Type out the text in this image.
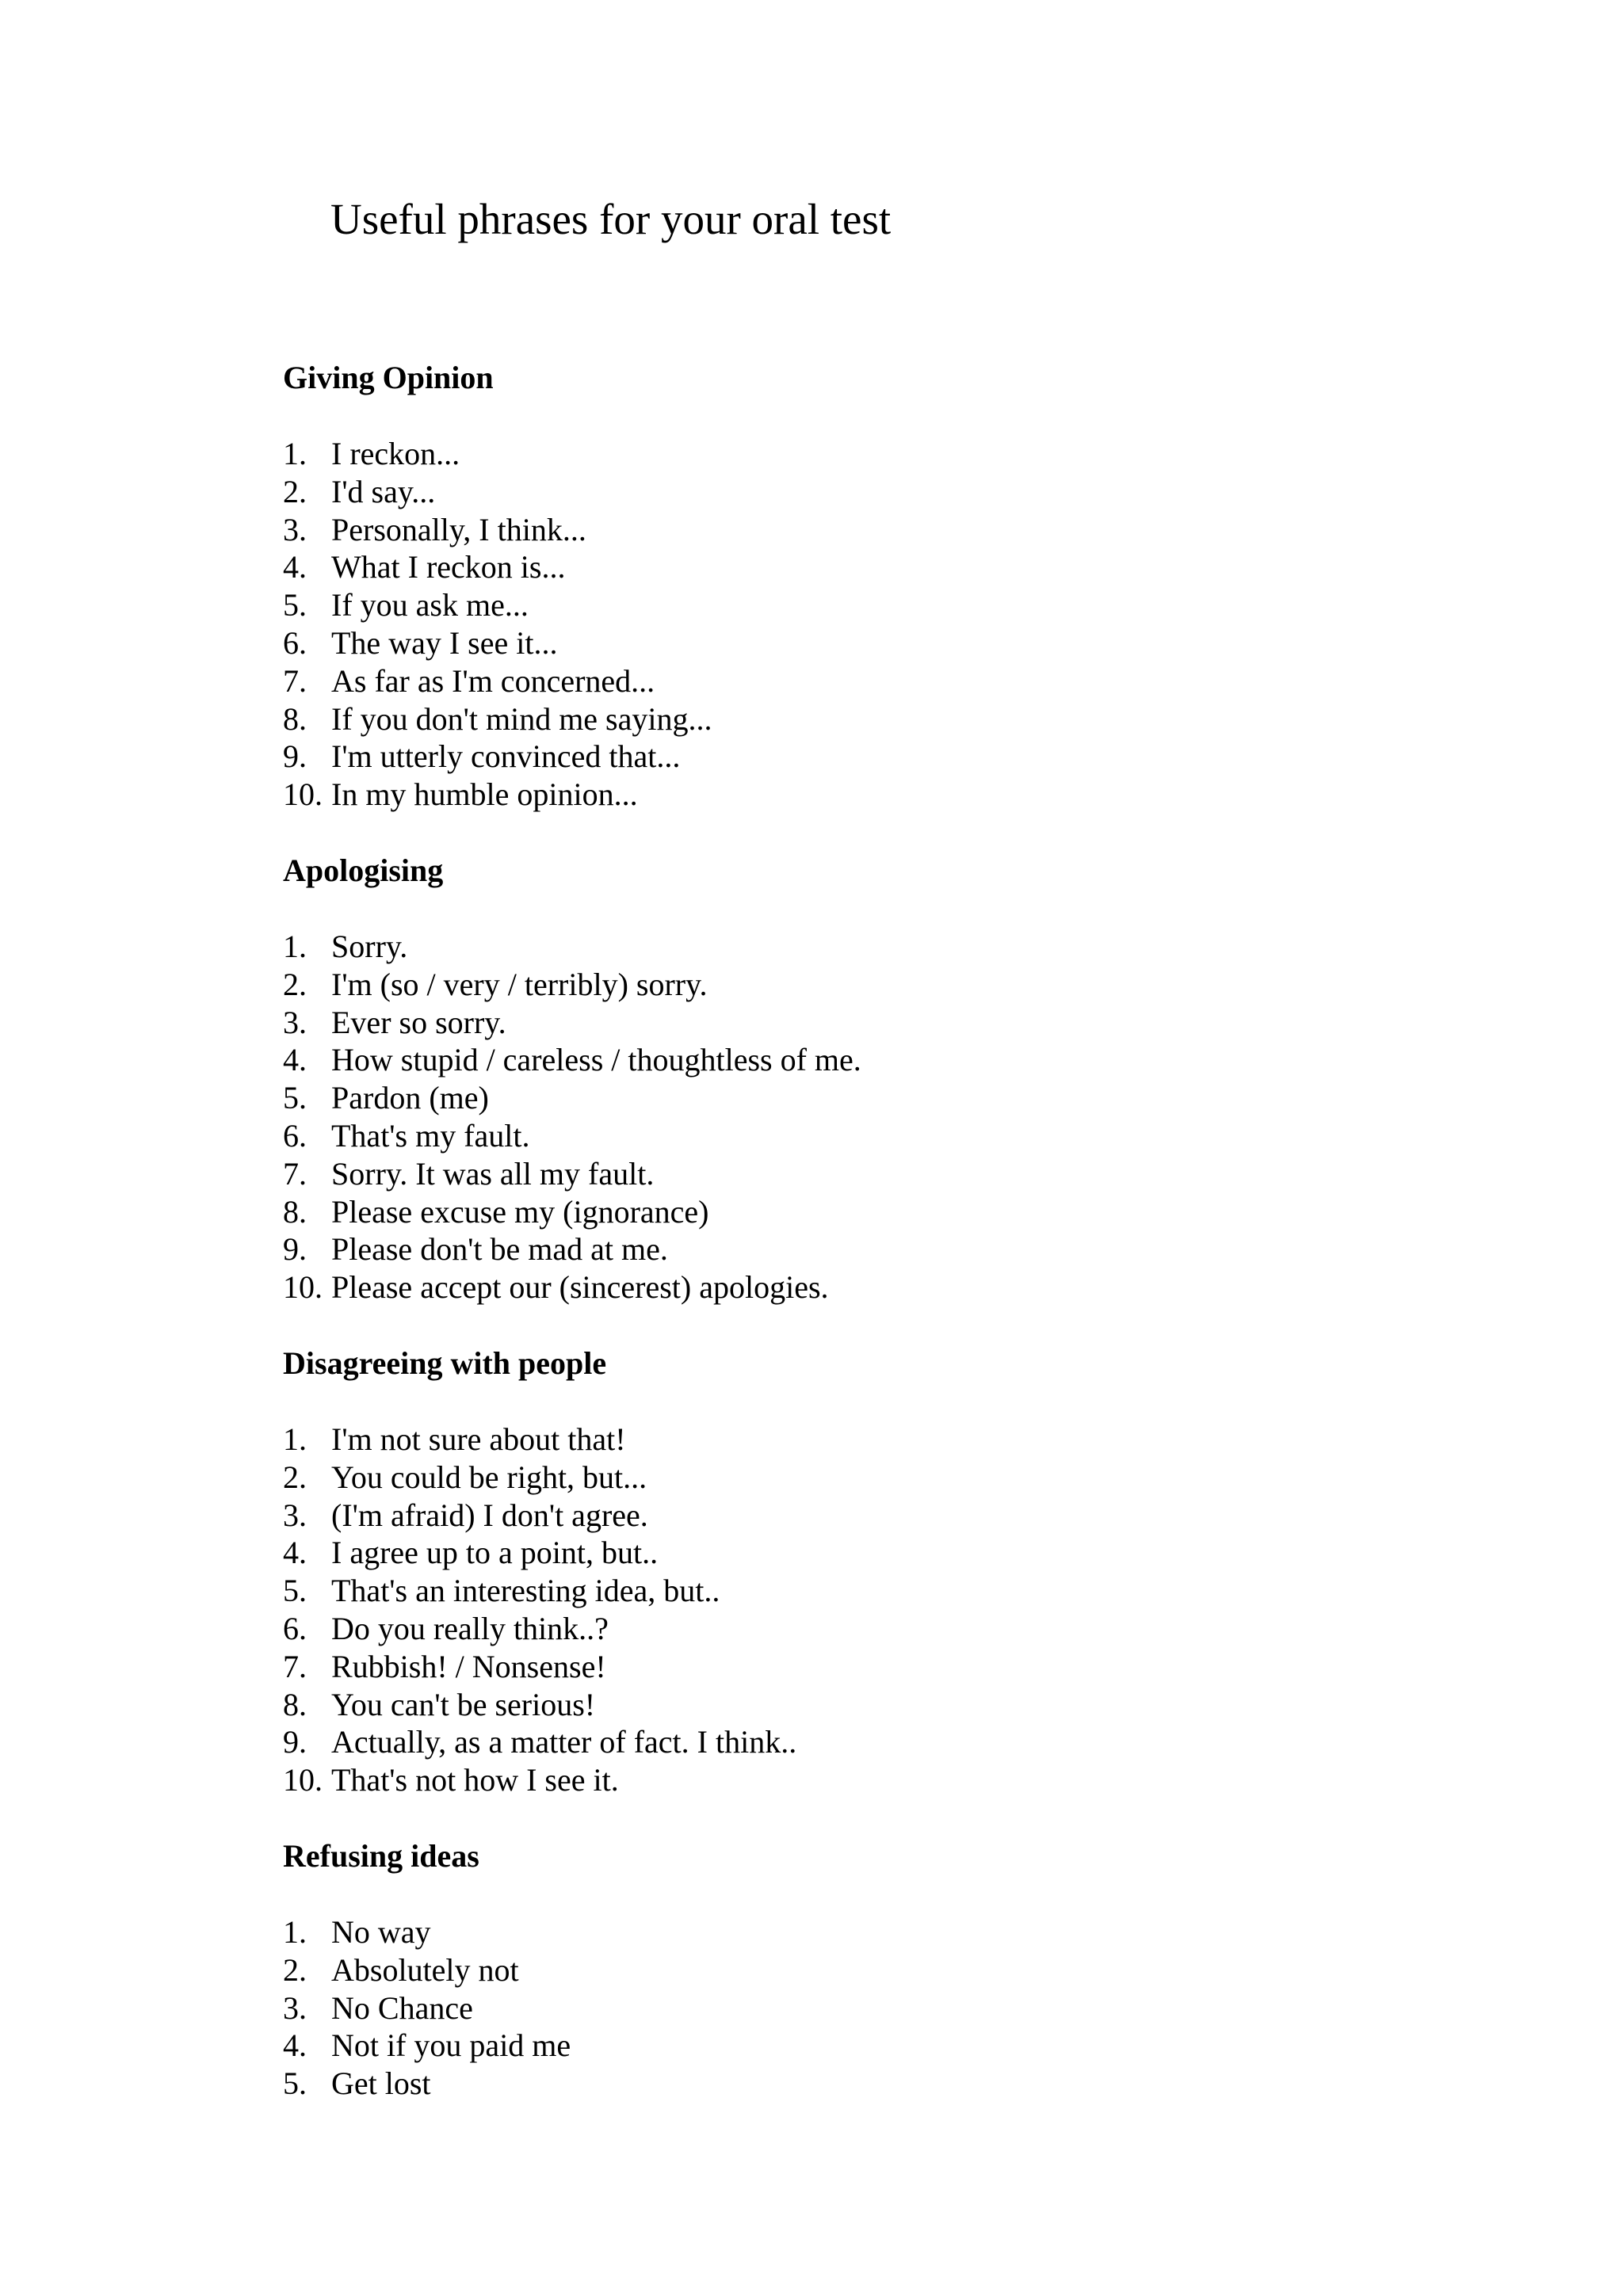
Useful phrases for your oral test
Giving Opinion
1. I reckon...
2. I'd say...
3. Personally, I think...
4. What I reckon is...
5. If you ask me...
6. The way I see it...
7. As far as I'm concerned...
8. If you don't mind me saying...
9. I'm utterly convinced that...
10. In my humble opinion...
Apologising
1. Sorry.
2. I'm (so / very / terribly) sorry.
3. Ever so sorry.
4. How stupid / careless / thoughtless of me.
5. Pardon (me)
6. That's my fault.
7. Sorry. It was all my fault.
8. Please excuse my (ignorance)
9. Please don't be mad at me.
10. Please accept our (sincerest) apologies.
Disagreeing with people
1. I'm not sure about that!
2. You could be right, but...
3. (I'm afraid) I don't agree.
4. I agree up to a point, but..
5. That's an interesting idea, but..
6. Do you really think..?
7. Rubbish! / Nonsense!
8. You can't be serious!
9. Actually, as a matter of fact. I think..
10. That's not how I see it.
Refusing ideas
1. No way
2. Absolutely not
3. No Chance
4. Not if you paid me
5. Get lost
